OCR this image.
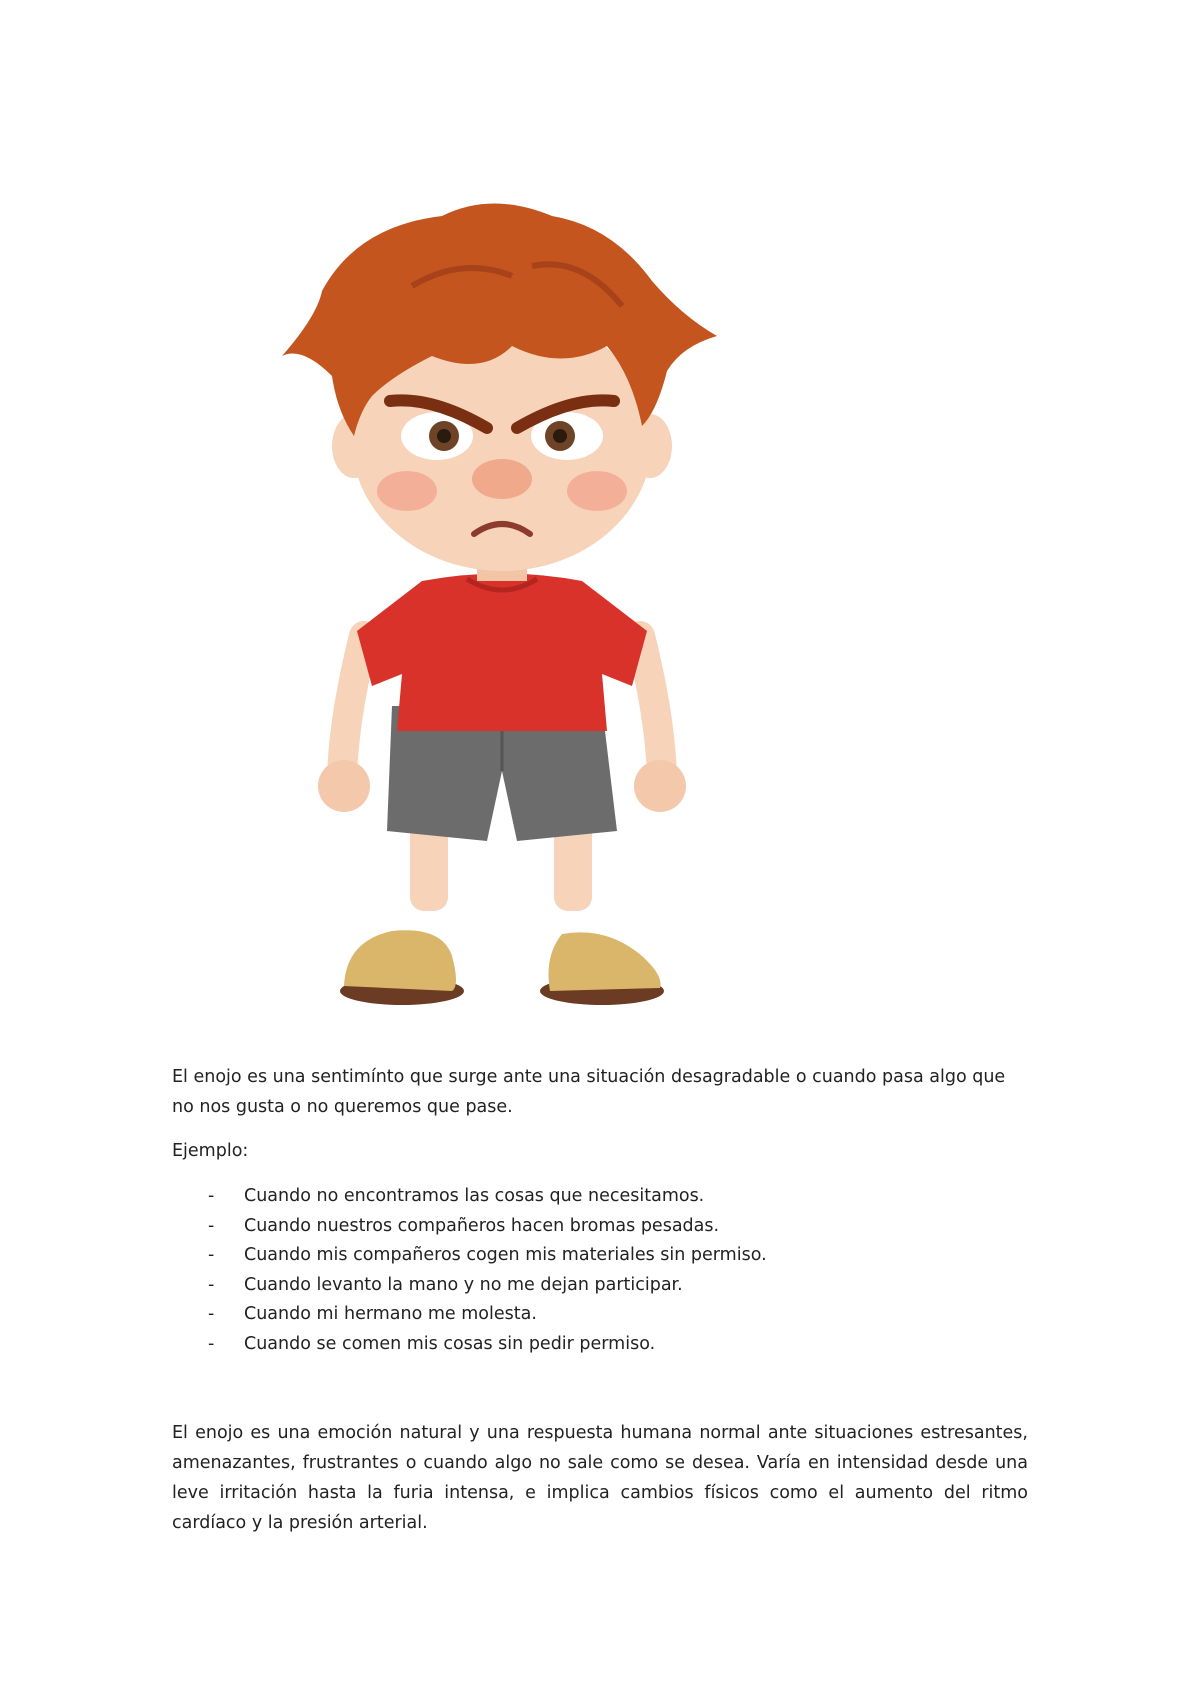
El enojo es una sentimínto que surge ante una situación desagradable o cuando pasa algo que no nos gusta o no queremos que pase.

Ejemplo:

- Cuando no encontramos las cosas que necesitamos.
- Cuando nuestros compañeros hacen bromas pesadas.
- Cuando mis compañeros cogen mis materiales sin permiso.
- Cuando levanto la mano y no me dejan participar.
- Cuando mi hermano me molesta.
- Cuando se comen mis cosas sin pedir permiso.

El enojo es una emoción natural y una respuesta humana normal ante situaciones estresantes, amenazantes, frustrantes o cuando algo no sale como se desea. Varía en intensidad desde una leve irritación hasta la furia intensa, e implica cambios físicos como el aumento del ritmo cardíaco y la presión arterial.
